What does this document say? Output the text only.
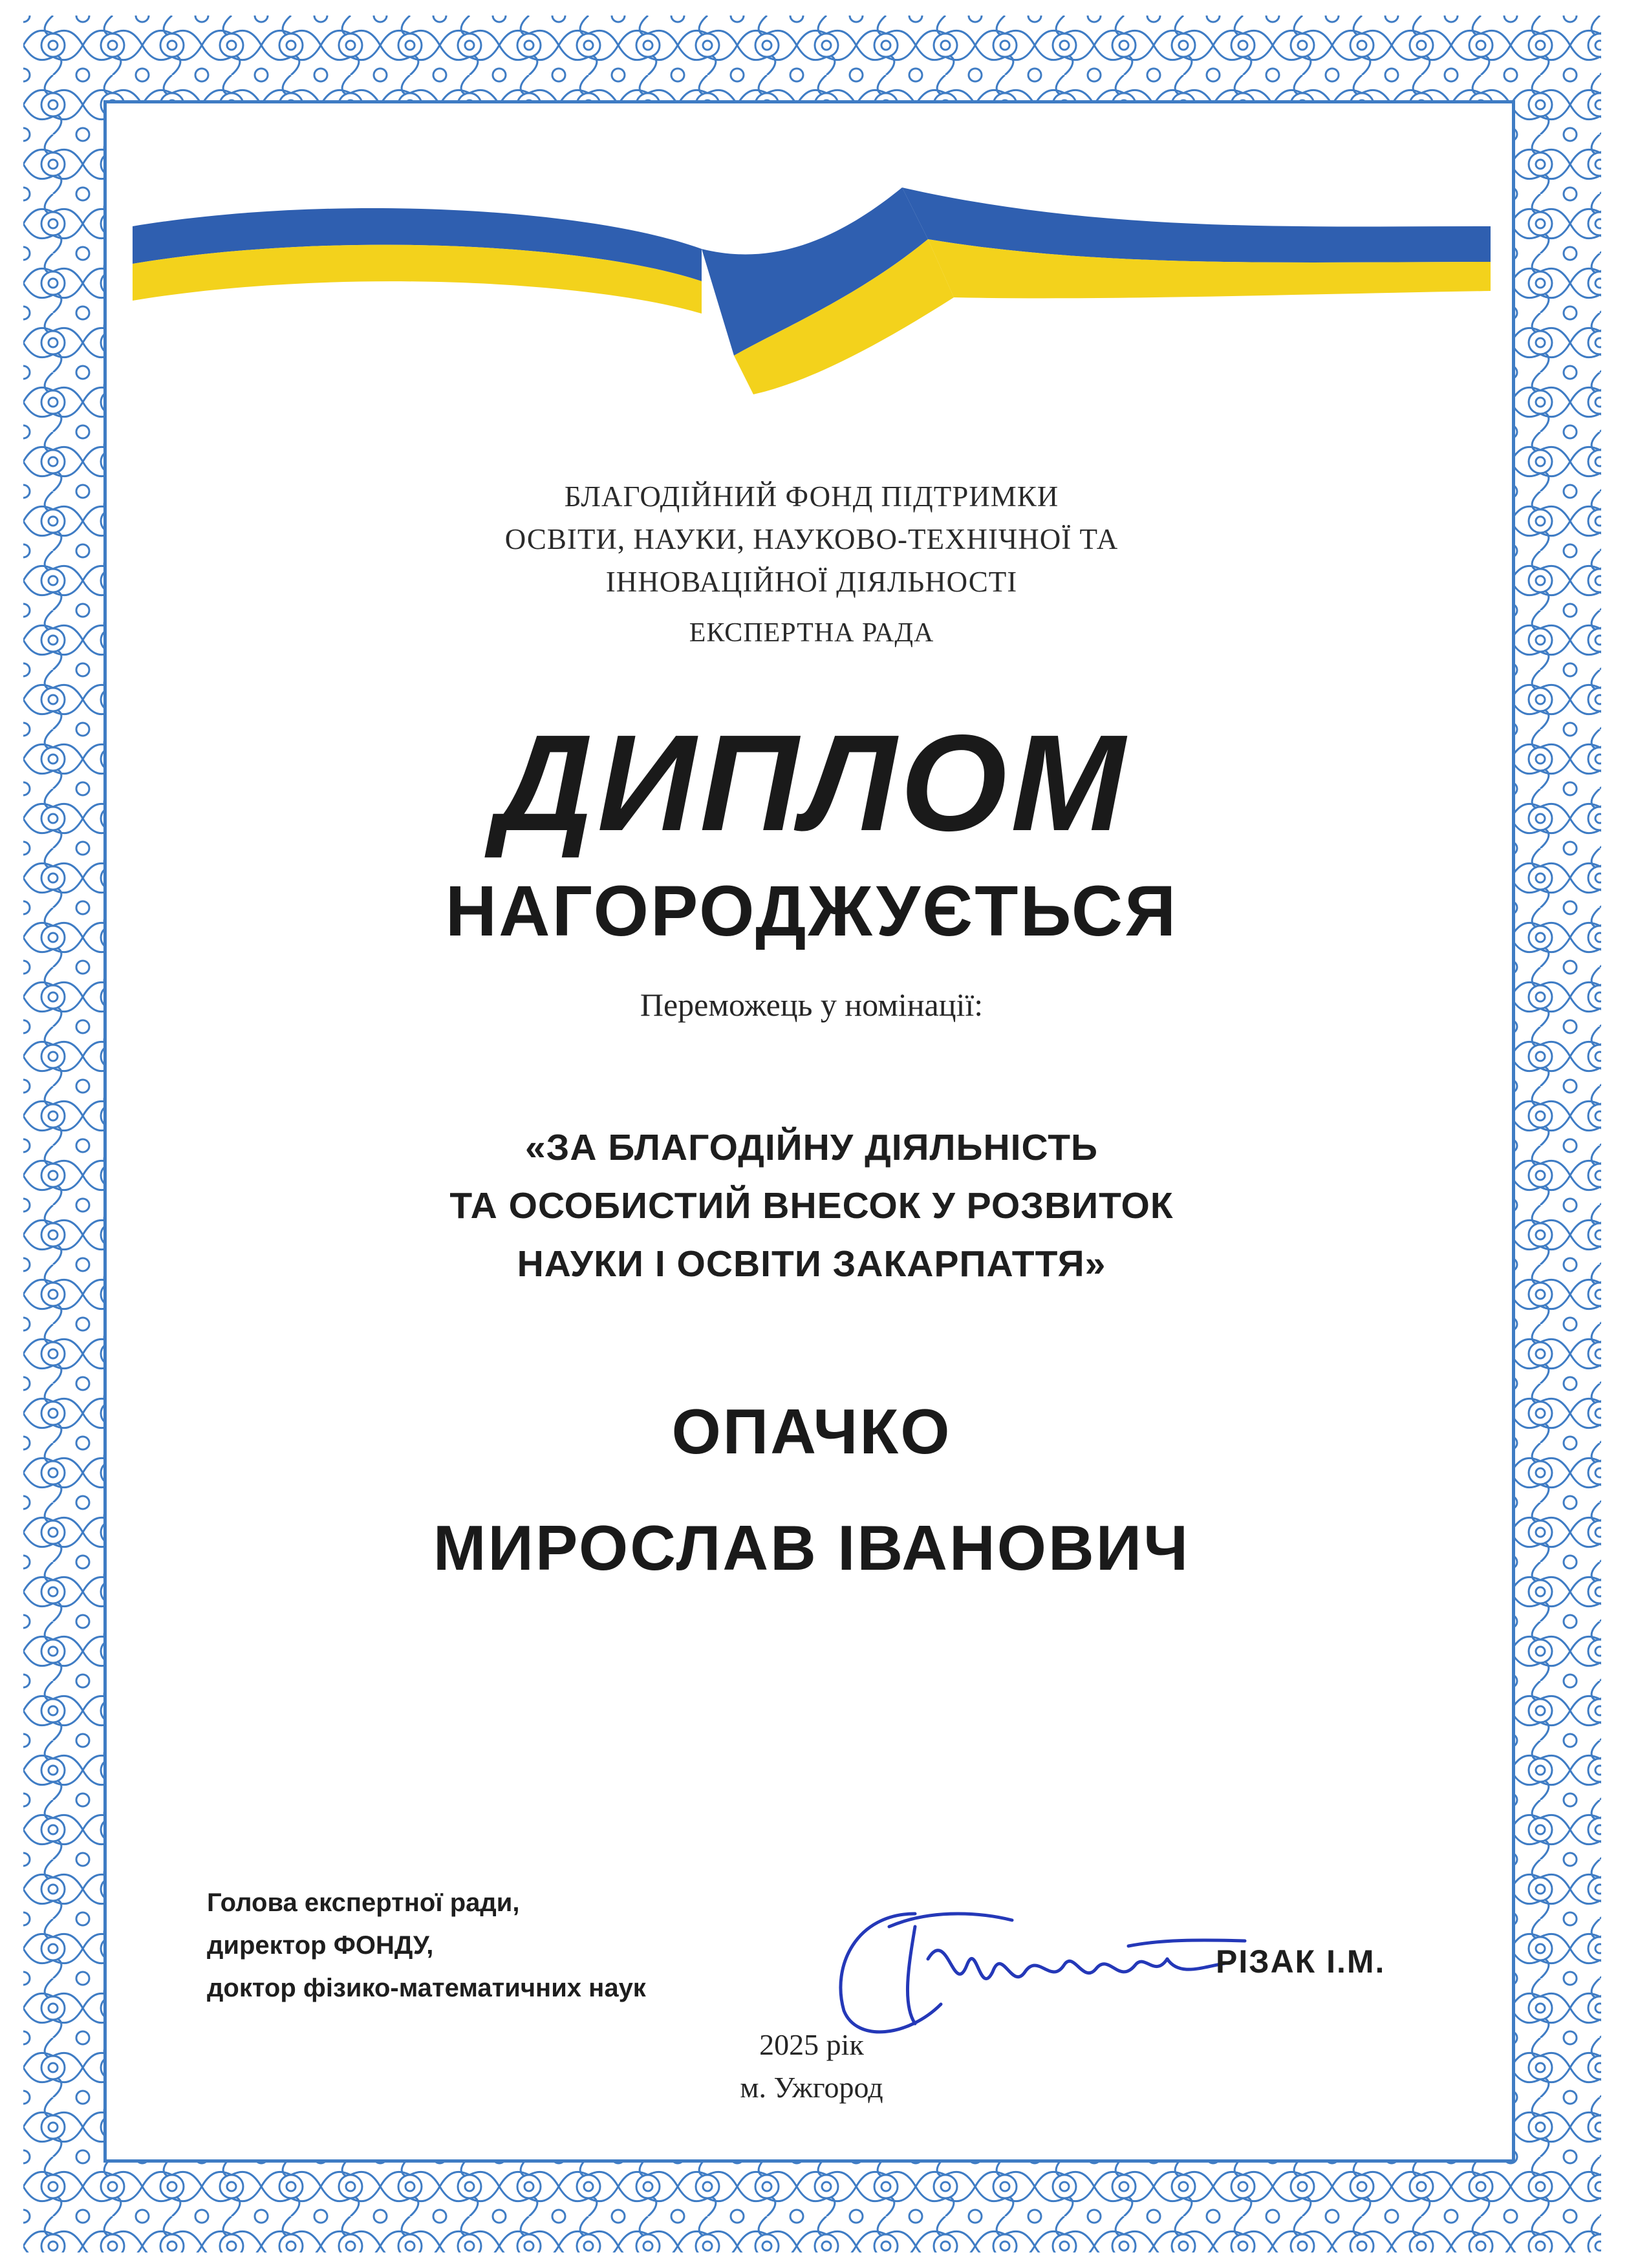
БЛАГОДІЙНИЙ ФОНД ПІДТРИМКИ
ОСВІТИ, НАУКИ, НАУКОВО-ТЕХНІЧНОЇ ТА
ІННОВАЦІЙНОЇ ДІЯЛЬНОСТІ
ЕКСПЕРТНА РАДА
ДИПЛОМ
НАГОРОДЖУЄТЬСЯ
Переможець у номінації:
«ЗА БЛАГОДІЙНУ ДІЯЛЬНІСТЬ
ТА ОСОБИСТИЙ ВНЕСОК У РОЗВИТОК
НАУКИ І ОСВІТИ ЗАКАРПАТТЯ»
ОПАЧКО
МИРОСЛАВ ІВАНОВИЧ
Голова експертної ради,
директор ФОНДУ,
доктор фізико-математичних наук
РІЗАК І.М.
2025 рік
м. Ужгород
